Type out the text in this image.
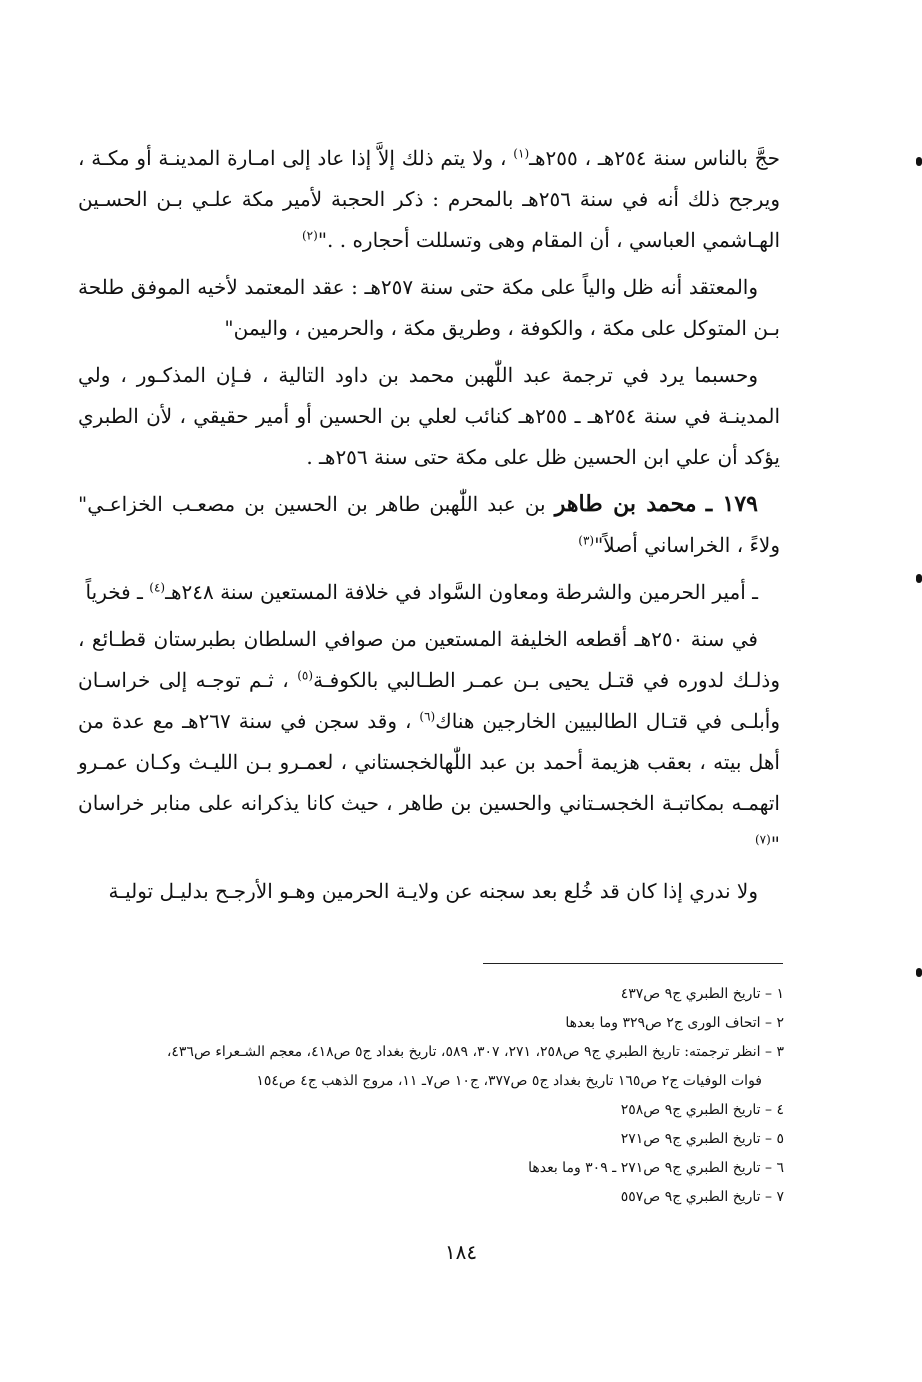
حجَّ بالناس سنة ٢٥٤هـ ، ٢٥٥هـ$^{(١)}$ ، ولا يتم ذلك إلاَّ إذا عاد إلى امـارة المدينـة أو مكـة ، ويرجح ذلك أنه في سنة ٢٥٦هـ بالمحرم : ذكر الحجبة لأمير مكة علـي بـن الحسـين الهـاشمي العباسي ، أن المقام وهى وتسللت أحجاره . ."$^{(٢)}$

والمعتقد أنه ظل والياً على مكة حتى سنة ٢٥٧هـ : عقد المعتمد لأخيه الموفق طلحة بـن المتوكل على مكة ، والكوفة ، وطريق مكة ، والحرمين ، واليمن"

وحسبما يرد في ترجمة عبد اللّٰهبن محمد بن داود التالية ، فـإن المذكـور ، ولي المدينـة في سنة ٢٥٤هـ ـ ٢٥٥هـ كنائب لعلي بن الحسين أو أمير حقيقي ، لأن الطبري يؤكد أن علي ابن الحسين ظل على مكة حتى سنة ٢٥٦هـ .

١٧٩ ـ محمد بن طاهر بن عبد اللّٰهبن طاهر بن الحسين بن مصعـب الخزاعـي" ولاءً ، الخراساني أصلاً"$^{(٣)}$

ـ أمير الحرمين والشرطة ومعاون السَّواد في خلافة المستعين سنة ٢٤٨هـ$^{(٤)}$ ـ فخرياً

في سنة ٢٥٠هـ أقطعه الخليفة المستعين من صوافي السلطان بطبرستان قطـائع ، وذلـك لدوره في قتـل يحيى بـن عمـر الطـالبي بالكوفـة$^{(٥)}$ ، ثـم توجـه إلى خراسـان وأبلـى في قتـال الطالبيين الخارجين هناك$^{(٦)}$ ، وقد سجن في سنة ٢٦٧هـ مع عدة من أهل بيته ، بعقب هزيمة أحمد بن عبد اللّٰهالخجستاني ، لعمـرو بـن الليـث وكـان عمـرو اتهمـه بمكاتبـة الخجسـتاني والحسين بن طاهر ، حيث كانا يذكرانه على منابر خراسان "$^{(٧)}$

ولا ندري إذا كان قد خُلع بعد سجنه عن ولايـة الحرمين وهـو الأرجـح بدليـل توليـة

١ – تاريخ الطبري ج٩ ص٤٣٧
٢ – اتحاف الورى ج٢ ص٣٢٩ وما بعدها
٣ – انظر ترجمته: تاريخ الطبري ج٩ ص٢٥٨، ٢٧١، ٣٠٧، ٥٨٩، تاريخ بغداد ج٥ ص٤١٨، معجم الشـعراء ص٤٣٦،
فوات الوفيات ج٢ ص١٦٥ تاريخ بغداد ج٥ ص٣٧٧، ج١٠ ص٧ـ ١١، مروج الذهب ج٤ ص١٥٤
٤ – تاريخ الطبري ج٩ ص٢٥٨
٥ – تاريخ الطبري ج٩ ص٢٧١
٦ – تاريخ الطبري ج٩ ص٢٧١ ـ ٣٠٩ وما بعدها
٧ – تاريخ الطبري ج٩ ص٥٥٧
١٨٤
